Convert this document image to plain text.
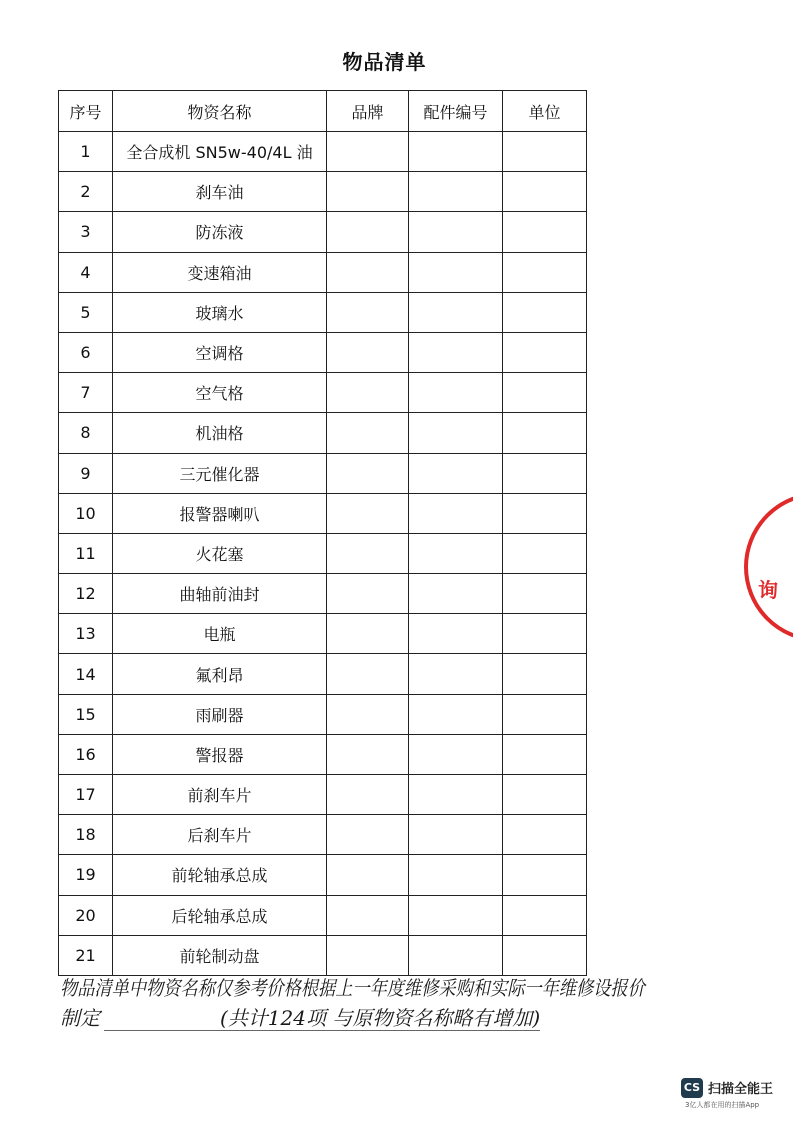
物品清单
序号	物资名称	品牌	配件编号	单位
1	全合成机 SN5w-40/4L 油			
2	刹车油			
3	防冻液			
4	变速箱油			
5	玻璃水			
6	空调格			
7	空气格			
8	机油格			
9	三元催化器			
10	报警器喇叭			
11	火花塞			
12	曲轴前油封			
13	电瓶			
14	氟利昂			
15	雨刷器			
16	警报器			
17	前刹车片			
18	后刹车片			
19	前轮轴承总成			
20	后轮轴承总成			
21	前轮制动盘			
物品清单中物资名称仅参考价格根据上一年度维修采购和实际一年维修设报价
制定	(共计124项 与原物资名称略有增加)
询
CS 扫描全能王
3亿人都在用的扫描App
